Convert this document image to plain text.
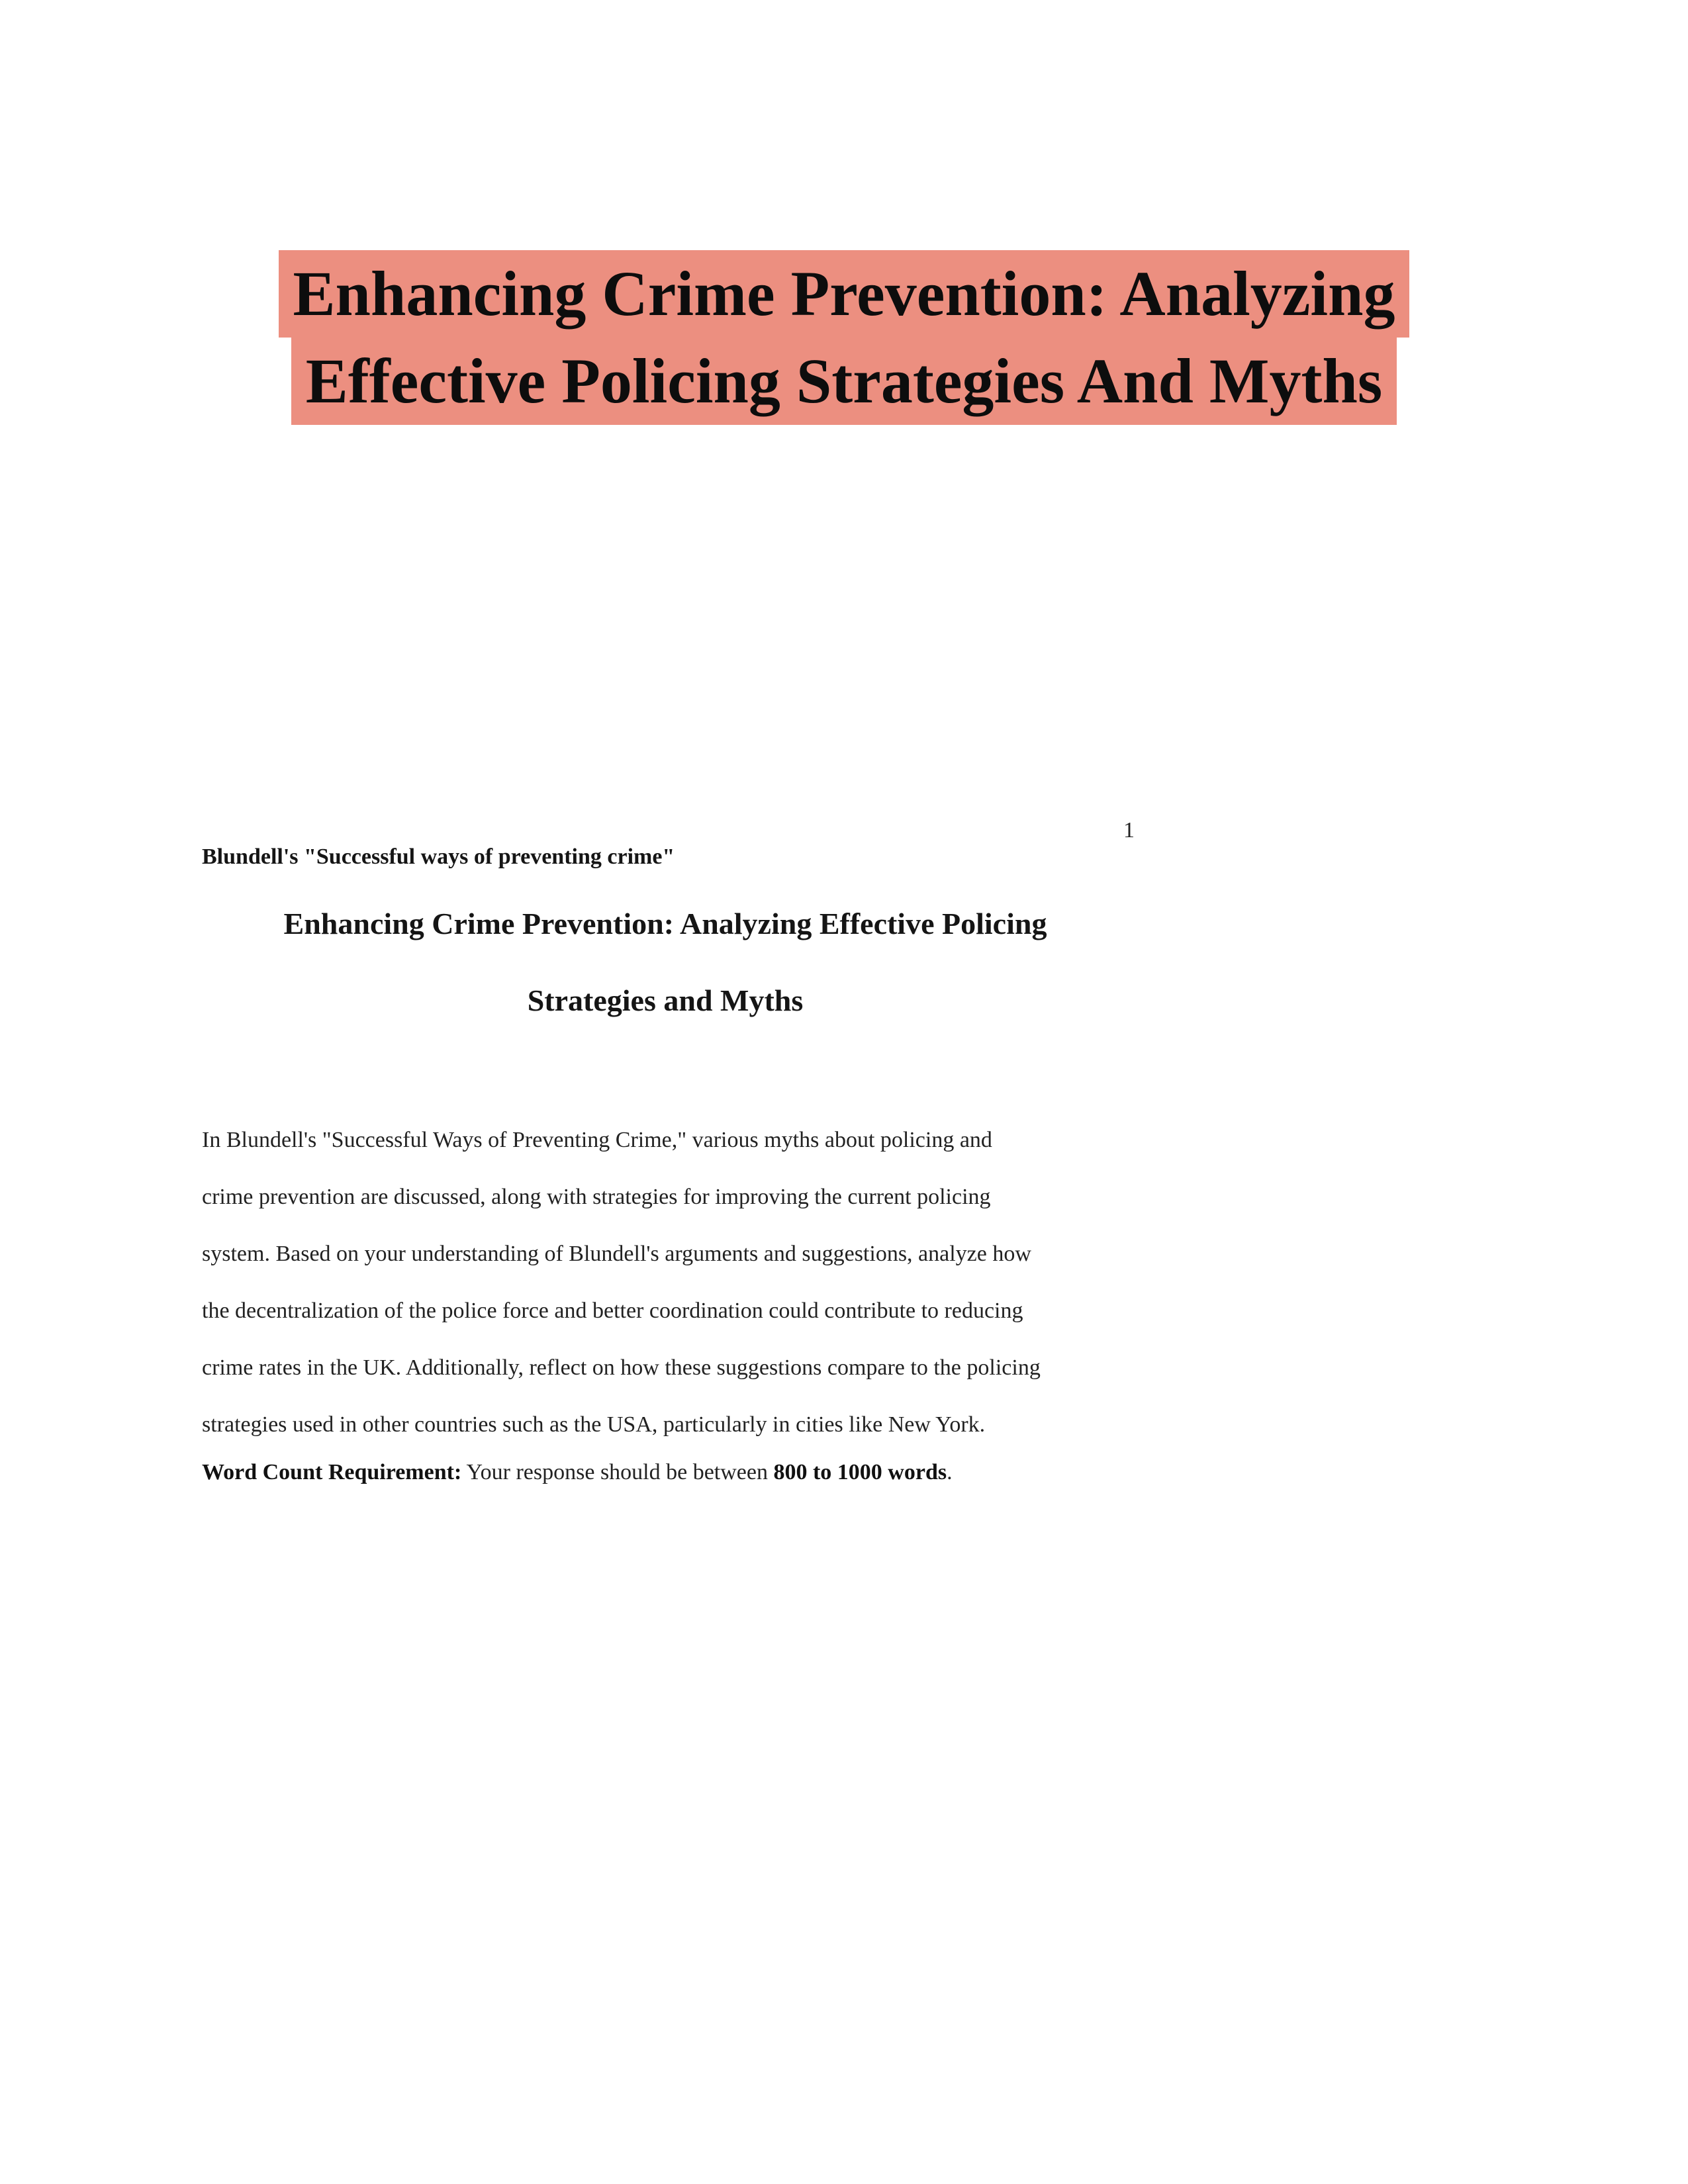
Enhancing Crime Prevention: Analyzing
Effective Policing Strategies And Myths
1
Blundell's "Successful ways of preventing crime"
Enhancing Crime Prevention: Analyzing Effective Policing
Strategies and Myths
In Blundell's "Successful Ways of Preventing Crime," various myths about policing and
crime prevention are discussed, along with strategies for improving the current policing
system. Based on your understanding of Blundell's arguments and suggestions, analyze how
the decentralization of the police force and better coordination could contribute to reducing
crime rates in the UK. Additionally, reflect on how these suggestions compare to the policing
strategies used in other countries such as the USA, particularly in cities like New York.
Word Count Requirement: Your response should be between 800 to 1000 words.
